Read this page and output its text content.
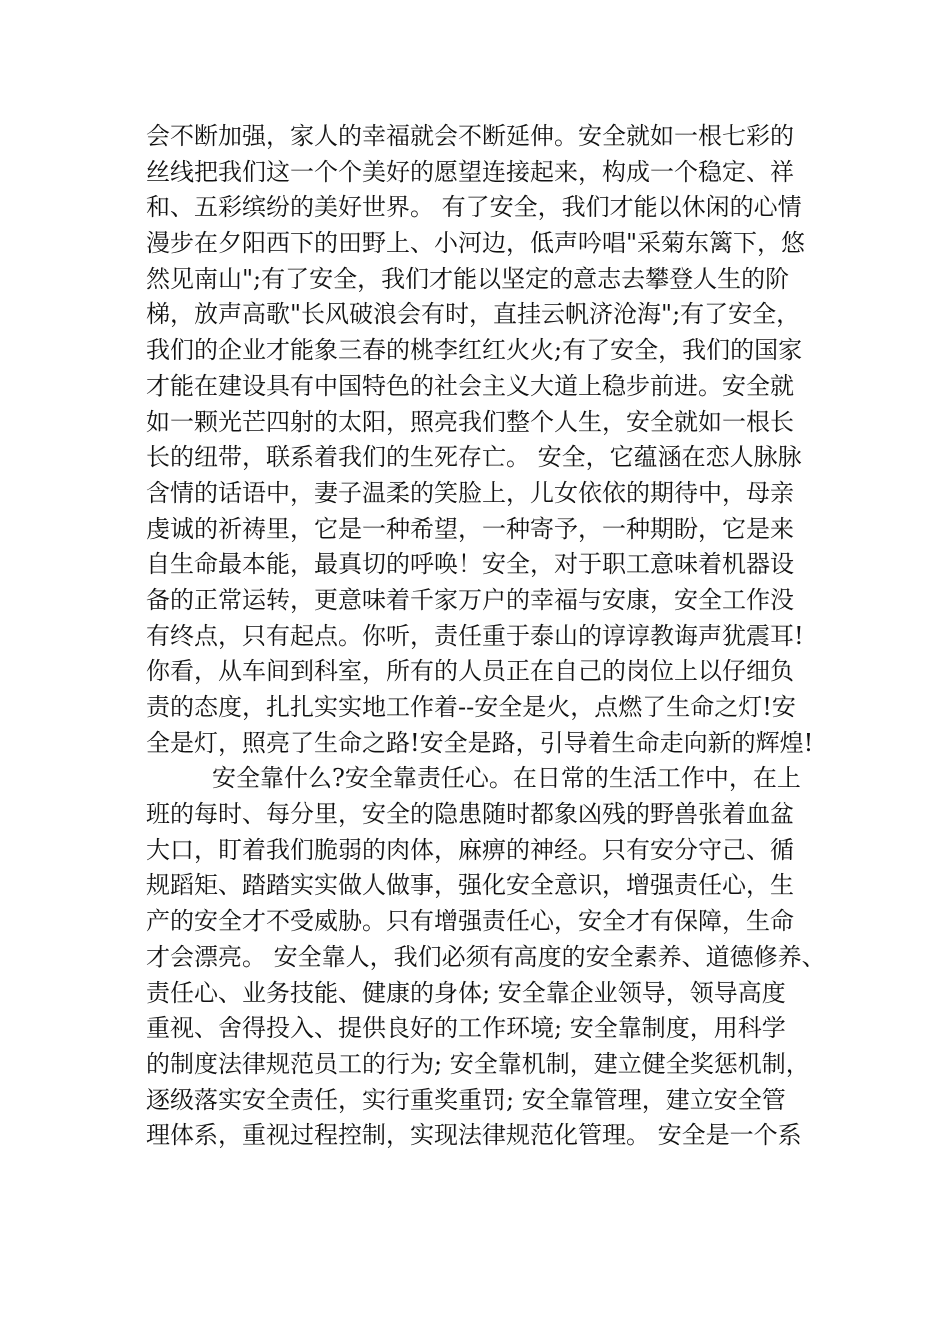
会不断加强，家人的幸福就会不断延伸。安全就如一根七彩的
丝线把我们这一个个美好的愿望连接起来，构成一个稳定、祥
和、五彩缤纷的美好世界。 有了安全，我们才能以休闲的心情
漫步在夕阳西下的田野上、小河边，低声吟唱"采菊东篱下，悠
然见南山";有了安全，我们才能以坚定的意志去攀登人生的阶
梯，放声高歌"长风破浪会有时，直挂云帆济沧海";有了安全，
我们的企业才能象三春的桃李红红火火;有了安全，我们的国家
才能在建设具有中国特色的社会主义大道上稳步前进。安全就
如一颗光芒四射的太阳，照亮我们整个人生，安全就如一根长
长的纽带，联系着我们的生死存亡。 安全，它蕴涵在恋人脉脉
含情的话语中，妻子温柔的笑脸上，儿女依依的期待中，母亲
虔诚的祈祷里，它是一种希望，一种寄予，一种期盼，它是来
自生命最本能，最真切的呼唤！安全，对于职工意味着机器设
备的正常运转，更意味着千家万户的幸福与安康，安全工作没
有终点，只有起点。你听，责任重于泰山的谆谆教诲声犹震耳!
你看，从车间到科室，所有的人员正在自己的岗位上以仔细负
责的态度，扎扎实实地工作着--安全是火，点燃了生命之灯!安
全是灯，照亮了生命之路!安全是路，引导着生命走向新的辉煌!
安全靠什么?安全靠责任心。在日常的生活工作中，在上
班的每时、每分里，安全的隐患随时都象凶残的野兽张着血盆
大口，盯着我们脆弱的肉体，麻痹的神经。只有安分守己、循
规蹈矩、踏踏实实做人做事，强化安全意识，增强责任心，生
产的安全才不受威胁。只有增强责任心，安全才有保障，生命
才会漂亮。 安全靠人，我们必须有高度的安全素养、道德修养、
责任心、业务技能、健康的身体; 安全靠企业领导，领导高度
重视、舍得投入、提供良好的工作环境; 安全靠制度，用科学
的制度法律规范员工的行为; 安全靠机制，建立健全奖惩机制，
逐级落实安全责任，实行重奖重罚; 安全靠管理，建立安全管
理体系，重视过程控制，实现法律规范化管理。 安全是一个系
